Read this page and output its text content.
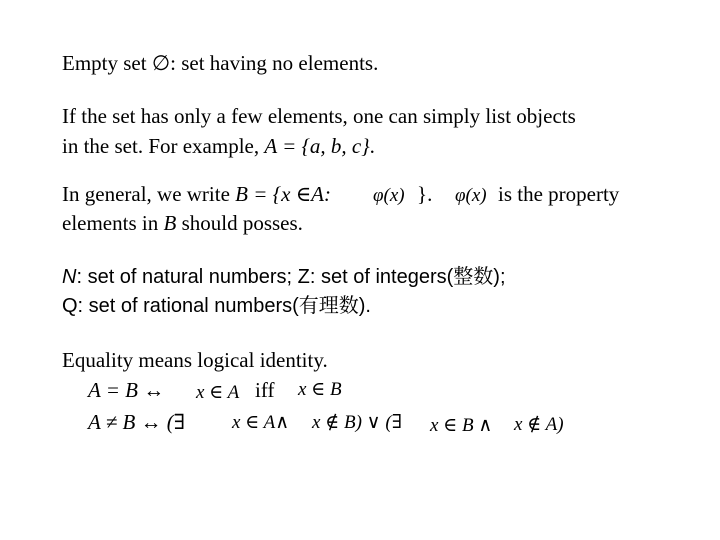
Empty set ∅: set having no elements.
If the set has only a few elements, one can simply list objects
in the set. For example, A = {a, b, c}.
In general, we write B = {x ∈A: φ(x) }. φ(x) is the property
elements in B should posses.
N: set of natural numbers; Z: set of integers(整数);
Q: set of rational numbers(有理数).
Equality means logical identity.
A = B ↔ x ∈ A iff x ∈ B
A ≠ B ↔ (∃ x ∈ A∧ x ∉ B) ∨ (∃ x ∈ B ∧ x ∉ A)
